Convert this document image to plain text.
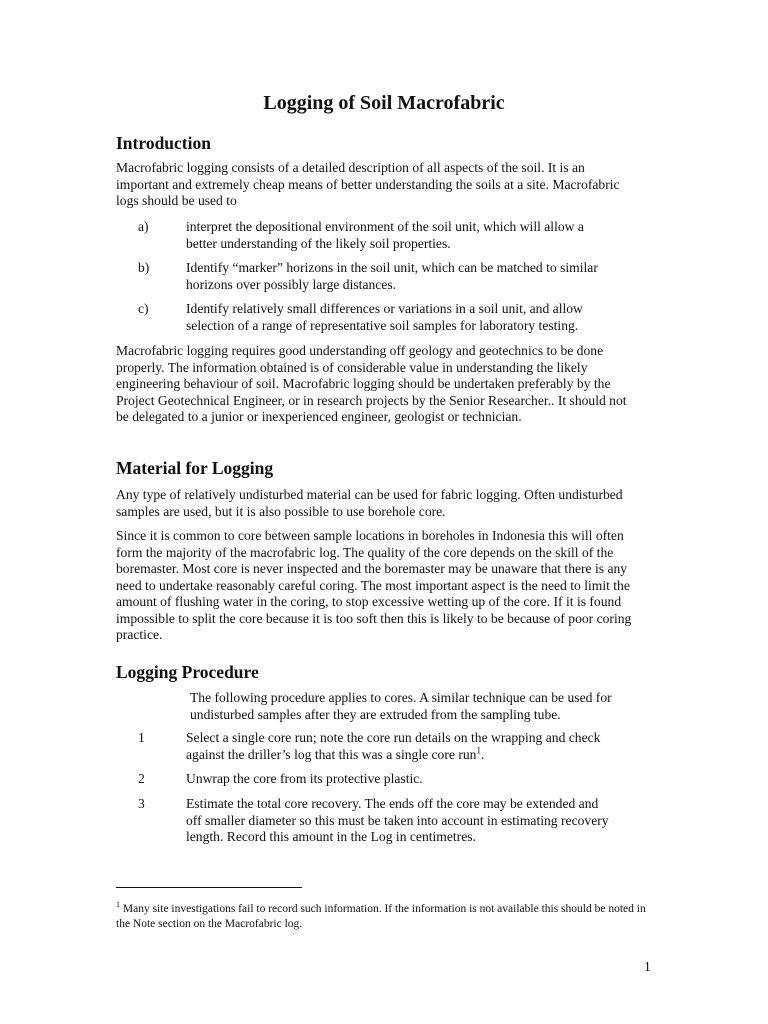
Logging of Soil Macrofabric
Introduction
Macrofabric logging consists of a detailed description of all aspects of the soil. It is an important and extremely cheap means of better understanding the soils at a site. Macrofabric logs should be used to
a)	interpret the depositional environment of the soil unit, which will allow a better understanding of the likely soil properties.
b)	Identify “marker” horizons in the soil unit, which can be matched to similar horizons over possibly large distances.
c)	Identify relatively small differences or variations in a soil unit, and allow selection of a range of representative soil samples for laboratory testing.
Macrofabric logging requires good understanding off geology and geotechnics to be done properly. The information obtained is of considerable value in understanding the likely engineering behaviour of soil. Macrofabric logging should be undertaken preferably by the Project Geotechnical Engineer, or in research projects by the Senior Researcher.. It should not be delegated to a junior or inexperienced engineer, geologist or technician.
Material for Logging
Any type of relatively undisturbed material can be used for fabric logging. Often undisturbed samples are used, but it is also possible to use borehole core.
Since it is common to core between sample locations in boreholes in Indonesia this will often form the majority of the macrofabric log. The quality of the core depends on the skill of the boremaster. Most core is never inspected and the boremaster may be unaware that there is any need to undertake reasonably careful coring. The most important aspect is the need to limit the amount of flushing water in the coring, to stop excessive wetting up of the core. If it is found impossible to split the core because it is too soft then this is likely to be because of poor coring practice.
Logging Procedure
The following procedure applies to cores. A similar technique can be used for undisturbed samples after they are extruded from the sampling tube.
1	Select a single core run; note the core run details on the wrapping and check against the driller’s log that this was a single core run$^1$.
2	Unwrap the core from its protective plastic.
3	Estimate the total core recovery. The ends off the core may be extended and off smaller diameter so this must be taken into account in estimating recovery length. Record this amount in the Log in centimetres.
$^1$ Many site investigations fail to record such information. If the information is not available this should be noted in the Note section on the Macrofabric log.
1
